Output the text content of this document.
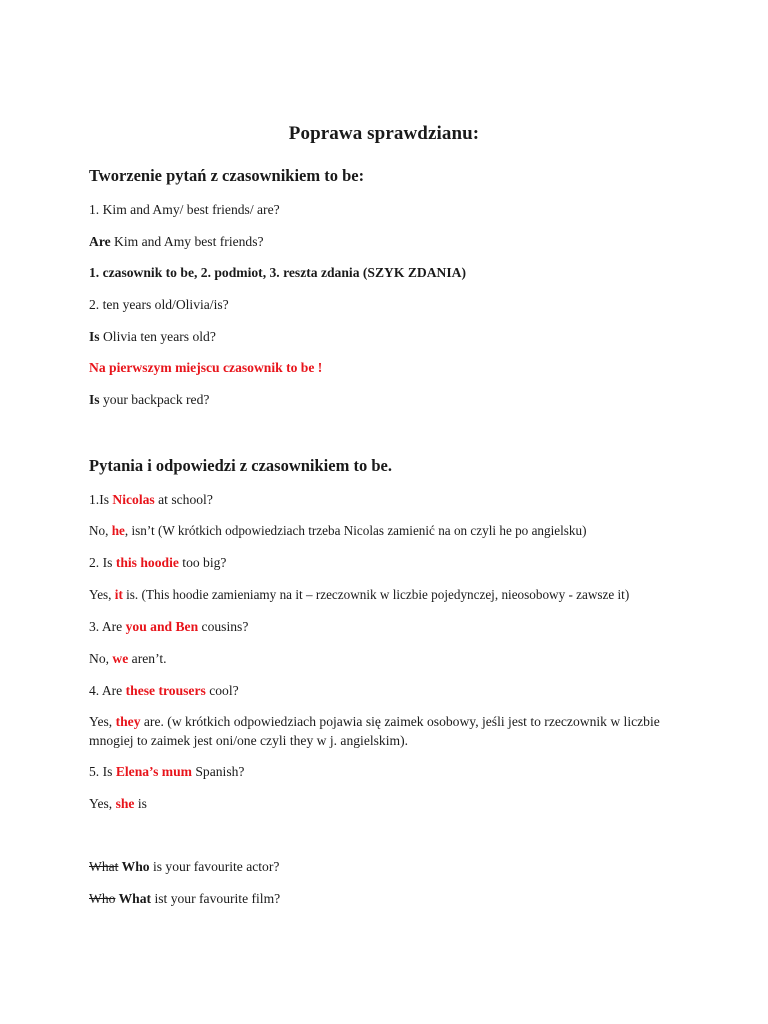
Poprawa sprawdzianu:
Tworzenie pytań z czasownikiem to be:
1. Kim and Amy/ best friends/ are?
Are Kim and Amy best friends?
1. czasownik to be, 2. podmiot, 3. reszta zdania (SZYK ZDANIA)
2. ten years old/Olivia/is?
Is Olivia ten years old?
Na pierwszym miejscu czasownik to be !
Is your backpack red?
Pytania i odpowiedzi z czasownikiem to be.
1.Is Nicolas at school?
No, he, isn’t (W krótkich odpowiedziach trzeba Nicolas zamienić na on czyli he po angielsku)
2. Is this hoodie too big?
Yes, it is. (This hoodie zamieniamy na it – rzeczownik w liczbie pojedynczej, nieosobowy - zawsze it)
3. Are you and Ben cousins?
No, we aren’t.
4. Are these trousers cool?
Yes, they are. (w krótkich odpowiedziach pojawia się zaimek osobowy, jeśli jest to rzeczownik w liczbie mnogiej to zaimek jest oni/one czyli they w j. angielskim).
5. Is Elena’s mum Spanish?
Yes, she is
What Who is your favourite actor?
Who What ist your favourite film?
